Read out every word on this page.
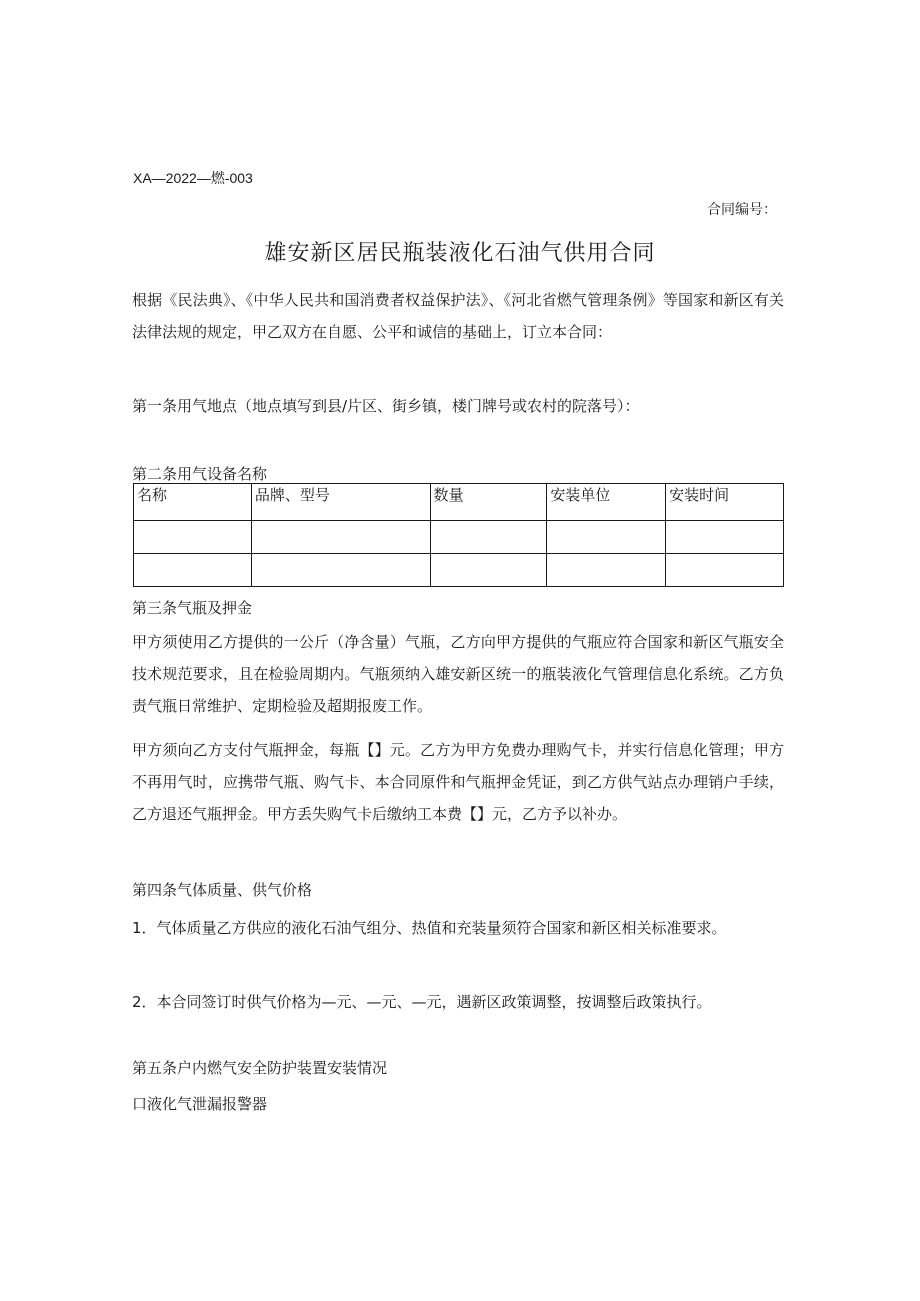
XA—2022—燃-003
合同编号：
雄安新区居民瓶装液化石油气供用合同
根据《民法典》、《中华人民共和国消费者权益保护法》、《河北省燃气管理条例》等国家和新区有关法律法规的规定，甲乙双方在自愿、公平和诚信的基础上，订立本合同：
第一条用气地点（地点填写到县/片区、街乡镇，楼门牌号或农村的院落号）：
第二条用气设备名称
名称	品牌、型号	数量	安装单位	安装时间

第三条气瓶及押金
甲方须使用乙方提供的一公斤（净含量）气瓶，乙方向甲方提供的气瓶应符合国家和新区气瓶安全技术规范要求，且在检验周期内。气瓶须纳入雄安新区统一的瓶装液化气管理信息化系统。乙方负责气瓶日常维护、定期检验及超期报废工作。
甲方须向乙方支付气瓶押金，每瓶【】元。乙方为甲方免费办理购气卡，并实行信息化管理；甲方不再用气时，应携带气瓶、购气卡、本合同原件和气瓶押金凭证，到乙方供气站点办理销户手续，乙方退还气瓶押金。甲方丢失购气卡后缴纳工本费【】元，乙方予以补办。
第四条气体质量、供气价格
1．气体质量乙方供应的液化石油气组分、热值和充装量须符合国家和新区相关标准要求。
2．本合同签订时供气价格为—元、—元、—元，遇新区政策调整，按调整后政策执行。
第五条户内燃气安全防护装置安装情况
口液化气泄漏报警器
